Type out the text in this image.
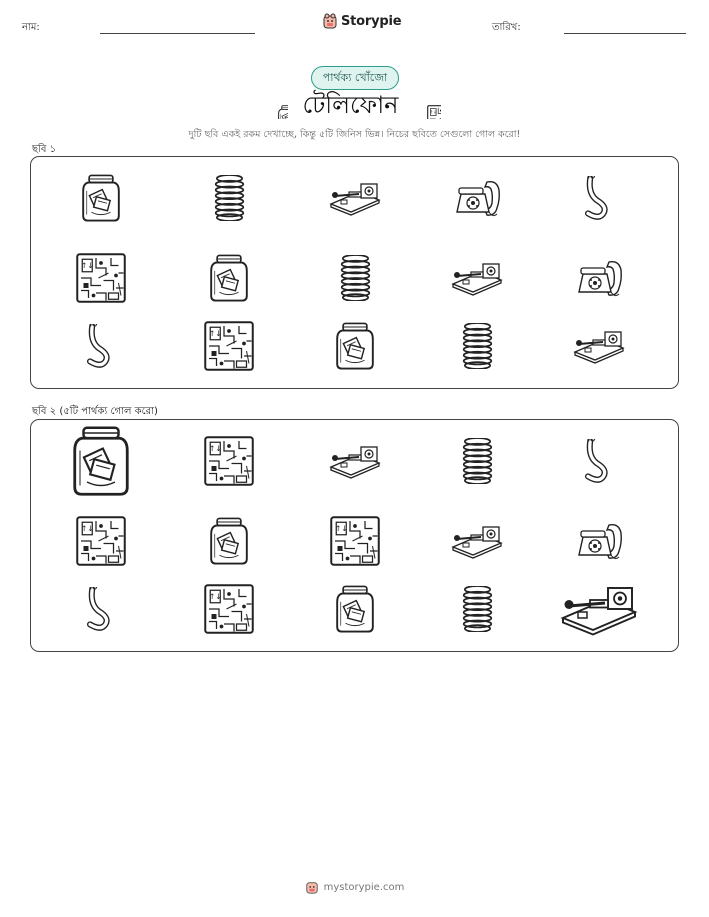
নাম:	Storypie	তারিখ:
পার্থক্য খোঁজো
টেলিফোন
দুটি ছবি একই রকম দেখাচ্ছে, কিন্তু ৫টি জিনিস ভিন্ন। নিচের ছবিতে সেগুলো গোল করো!
ছবি ১
ছবি ২ (৫টি পার্থক্য গোল করো)
mystorypie.com
